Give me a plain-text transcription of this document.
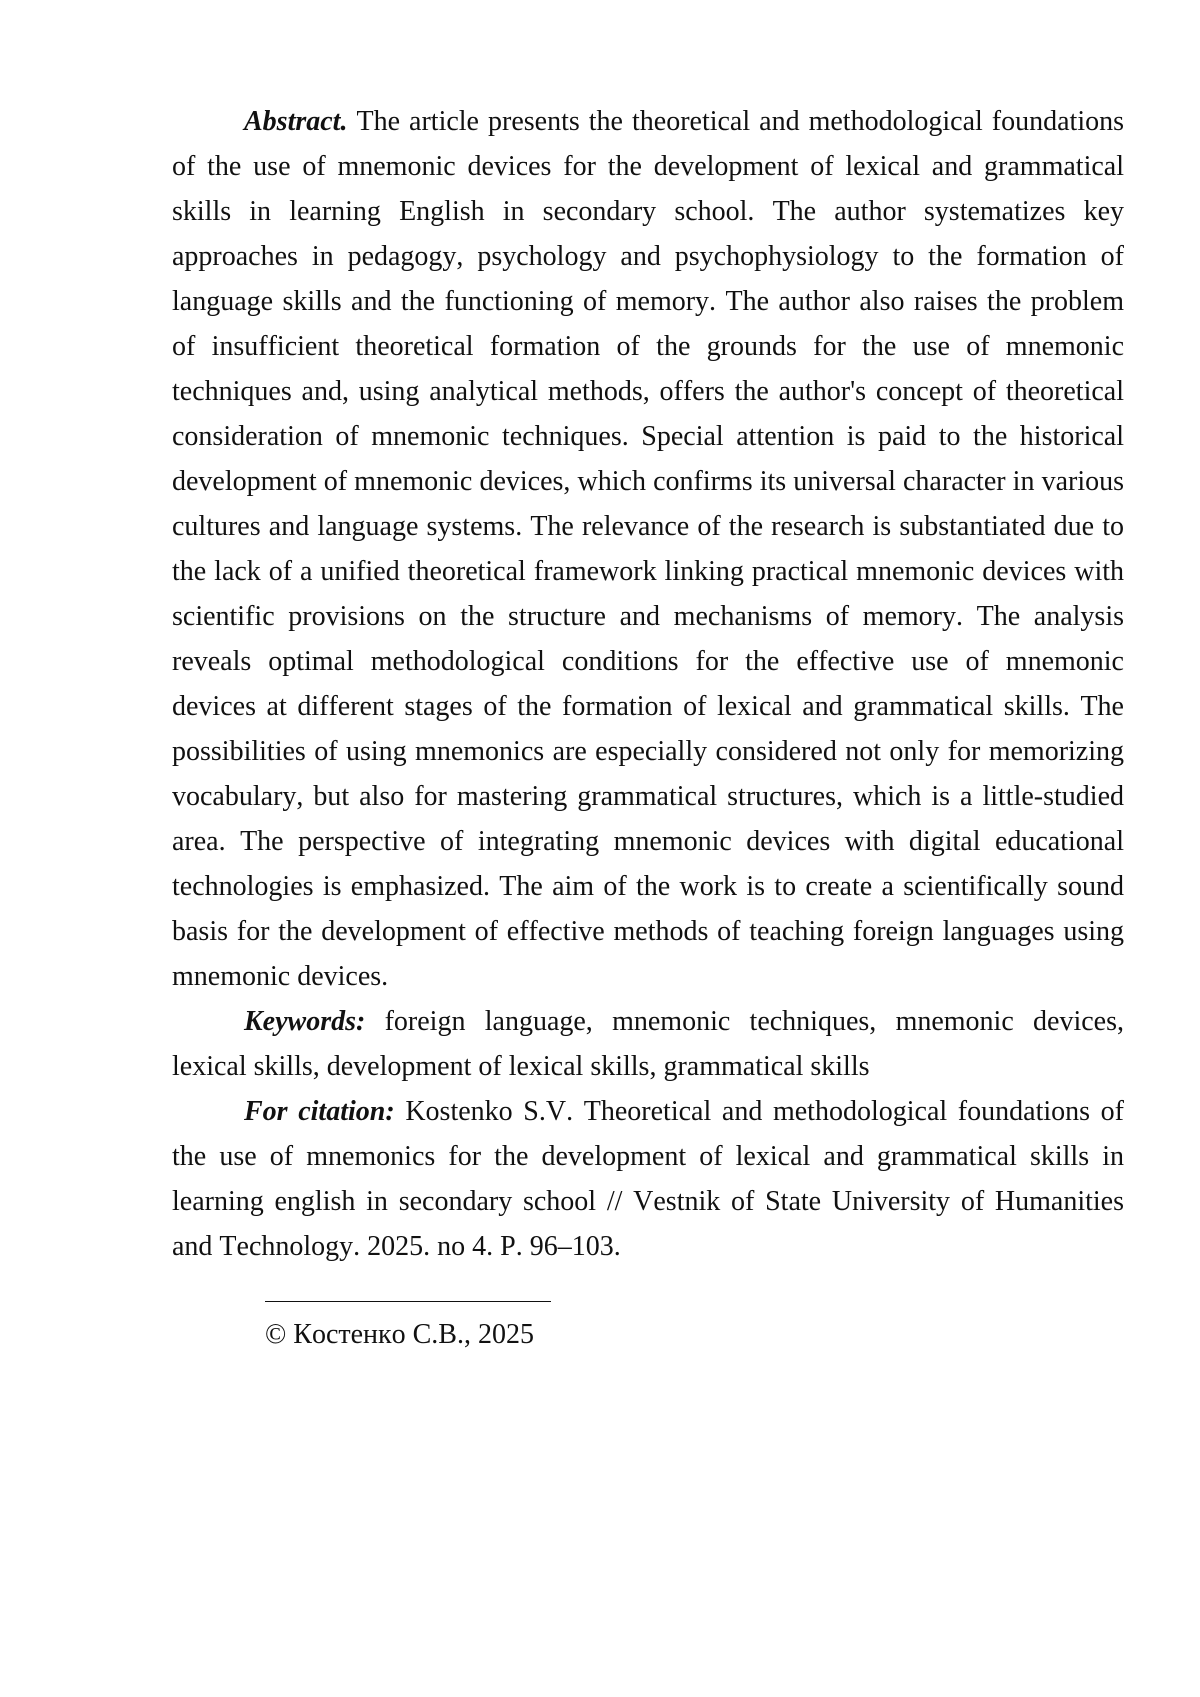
Abstract. The article presents the theoretical and methodological foundations of the use of mnemonic devices for the development of lexical and grammatical skills in learning English in secondary school. The author systematizes key approaches in pedagogy, psychology and psychophysiology to the formation of language skills and the functioning of memory. The author also raises the problem of insufficient theoretical formation of the grounds for the use of mnemonic techniques and, using analytical methods, offers the author's concept of theoretical consideration of mnemonic techniques. Special attention is paid to the historical development of mnemonic devices, which confirms its universal character in various cultures and language systems. The relevance of the research is substantiated due to the lack of a unified theoretical framework linking practical mnemonic devices with scientific provisions on the structure and mechanisms of memory. The analysis reveals optimal methodological conditions for the effective use of mnemonic devices at different stages of the formation of lexical and grammatical skills. The possibilities of using mnemonics are especially considered not only for memorizing vocabulary, but also for mastering grammatical structures, which is a little-studied area. The perspective of integrating mnemonic devices with digital educational technologies is emphasized. The aim of the work is to create a scientifically sound basis for the development of effective methods of teaching foreign languages using mnemonic devices.

Keywords: foreign language, mnemonic techniques, mnemonic devices, lexical skills, development of lexical skills, grammatical skills

For citation: Kostenko S.V. Theoretical and methodological foundations of the use of mnemonics for the development of lexical and grammatical skills in learning english in secondary school // Vestnik of State University of Humanities and Technology. 2025. no 4. P. 96–103.

© Костенко С.В., 2025
